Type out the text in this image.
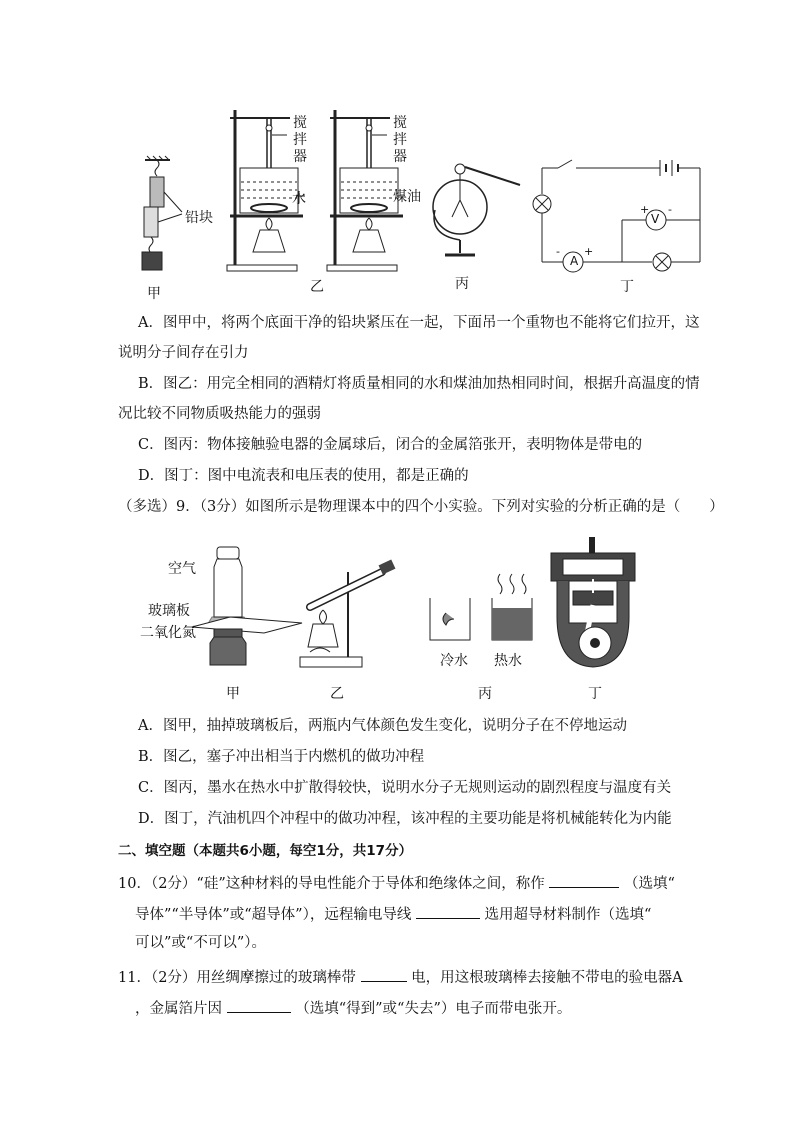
铅块
甲
搅
拌
器
搅
拌
器
水	煤油
乙	丙
A
V
+ -
- +
丁
A．图甲中，将两个底面干净的铅块紧压在一起，下面吊一个重物也不能将它们拉开，这
说明分子间存在引力
B．图乙：用完全相同的酒精灯将质量相同的水和煤油加热相同时间，根据升高温度的情
况比较不同物质吸热能力的强弱
C．图丙：物体接触验电器的金属球后，闭合的金属箔张开，表明物体是带电的
D．图丁：图中电流表和电压表的使用，都是正确的
（多选）9．（3分）如图所示是物理课本中的四个小实验。下列对实验的分析正确的是（　　）
空气
玻璃板
二氧化氮
甲	乙
冷水 热水
丙	丁
A．图甲，抽掉玻璃板后，两瓶内气体颜色发生变化，说明分子在不停地运动
B．图乙，塞子冲出相当于内燃机的做功冲程
C．图丙，墨水在热水中扩散得较快，说明水分子无规则运动的剧烈程度与温度有关
D．图丁，汽油机四个冲程中的做功冲程，该冲程的主要功能是将机械能转化为内能
二、填空题（本题共6小题，每空1分，共17分）
10．（2分）“硅”这种材料的导电性能介于导体和绝缘体之间，称作	（选填“
导体”“半导体”或“超导体”），远程输电导线	选用超导材料制作（选填“
可以”或“不可以”）。
11．（2分）用丝绸摩擦过的玻璃棒带	电，用这根玻璃棒去接触不带电的验电器A
，金属箔片因	（选填“得到”或“失去”）电子而带电张开。
